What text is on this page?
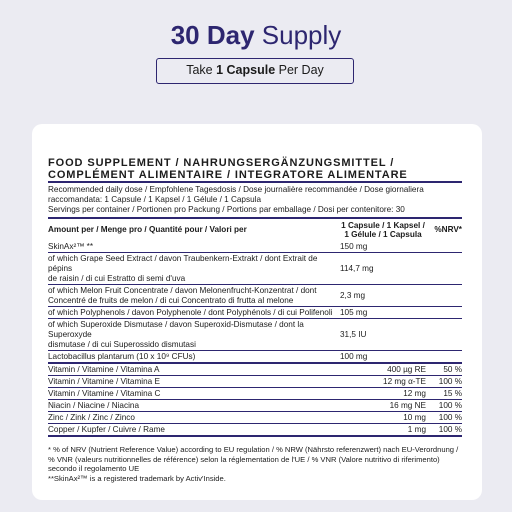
30 Day Supply
Take 1 Capsule Per Day
FOOD SUPPLEMENT / NAHRUNGSERGÄNZUNGSMITTEL /
COMPLÉMENT ALIMENTAIRE / INTEGRATORE ALIMENTARE
Recommended daily dose / Empfohlene Tagesdosis / Dose journalière recommandée / Dose giornaliera
raccomandata: 1 Capsule / 1 Kapsel / 1 Gélule / 1 Capsula
Servings per container / Portionen pro Packung / Portions par emballage / Dosi per contenitore: 30
Amount per / Menge pro / Quantité pour / Valori per	1 Capsule / 1 Kapsel /
1 Gélule / 1 Capsula
%NRV*
SkinAx²™ **	150 mg
of which Grape Seed Extract / davon Traubenkern-Extrakt / dont Extrait de pépins
de raisin / di cui Estratto di semi d'uva
114,7 mg
of which Melon Fruit Concentrate / davon Melonenfrucht-Konzentrat / dont
Concentré de fruits de melon / di cui Concentrato di frutta al melone
2,3 mg
of which Polyphenols / davon Polyphenole / dont Polyphénols / di cui Polifenoli 105 mg
of which Superoxide Dismutase / davon Superoxid-Dismutase / dont la Superoxyde
dismutase / di cui Superossido dismutasi
31,5 IU
Lactobacillus plantarum (10 x 10⁹ CFUs)	100 mg
Vitamin / Vitamine / Vitamina A	400 µg RE	50 %
Vitamin / Vitamine / Vitamina E	12 mg α-TE	100 %
Vitamin / Vitamine / Vitamina C	12 mg	15 %
Niacin / Niacine / Niacina	16 mg NE	100 %
Zinc / Zink / Zinc / Zinco	10 mg	100 %
Copper / Kupfer / Cuivre / Rame	1 mg	100 %
* % of NRV (Nutrient Reference Value) according to EU regulation / % NRW (Nährsto referenzwert) nach EU-Verordnung /
% VNR (valeurs nutritionnelles de référence) selon la réglementation de l'UE / % VNR (Valore nutritivo di riferimento)
secondo il regolamento UE
**SkinAx²™ is a registered trademark by Activ'Inside.
